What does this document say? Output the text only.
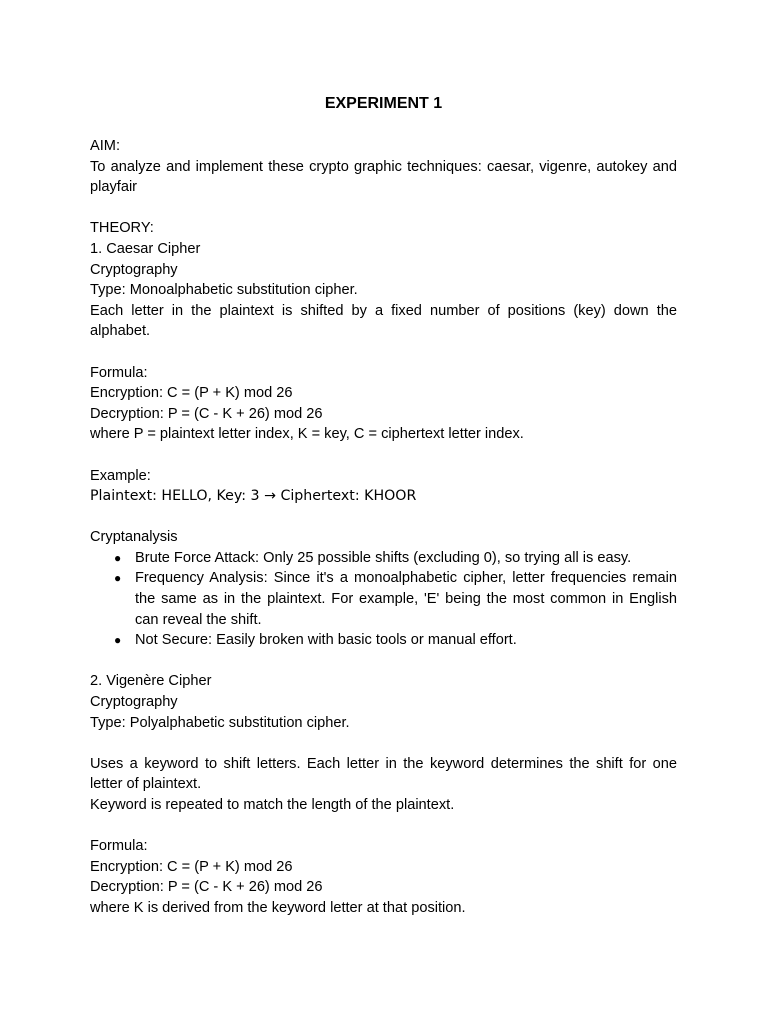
EXPERIMENT 1

AIM:

To analyze and implement these crypto graphic techniques: caesar, vigenre, autokey and playfair

THEORY:

1. Caesar Cipher

Cryptography

Type: Monoalphabetic substitution cipher.

Each letter in the plaintext is shifted by a fixed number of positions (key) down the alphabet.

Formula:

Encryption: C = (P + K) mod 26

Decryption: P = (C - K + 26) mod 26

where P = plaintext letter index, K = key, C = ciphertext letter index.

Example:

Plaintext: HELLO, Key: 3 → Ciphertext: KHOOR

Cryptanalysis

● Brute Force Attack: Only 25 possible shifts (excluding 0), so trying all is easy.
● Frequency Analysis: Since it's a monoalphabetic cipher, letter frequencies remain the same as in the plaintext. For example, 'E' being the most common in English can reveal the shift.
● Not Secure: Easily broken with basic tools or manual effort.

2. Vigenère Cipher

Cryptography

Type: Polyalphabetic substitution cipher.

Uses a keyword to shift letters. Each letter in the keyword determines the shift for one letter of plaintext.

Keyword is repeated to match the length of the plaintext.

Formula:

Encryption: C = (P + K) mod 26

Decryption: P = (C - K + 26) mod 26

where K is derived from the keyword letter at that position.
